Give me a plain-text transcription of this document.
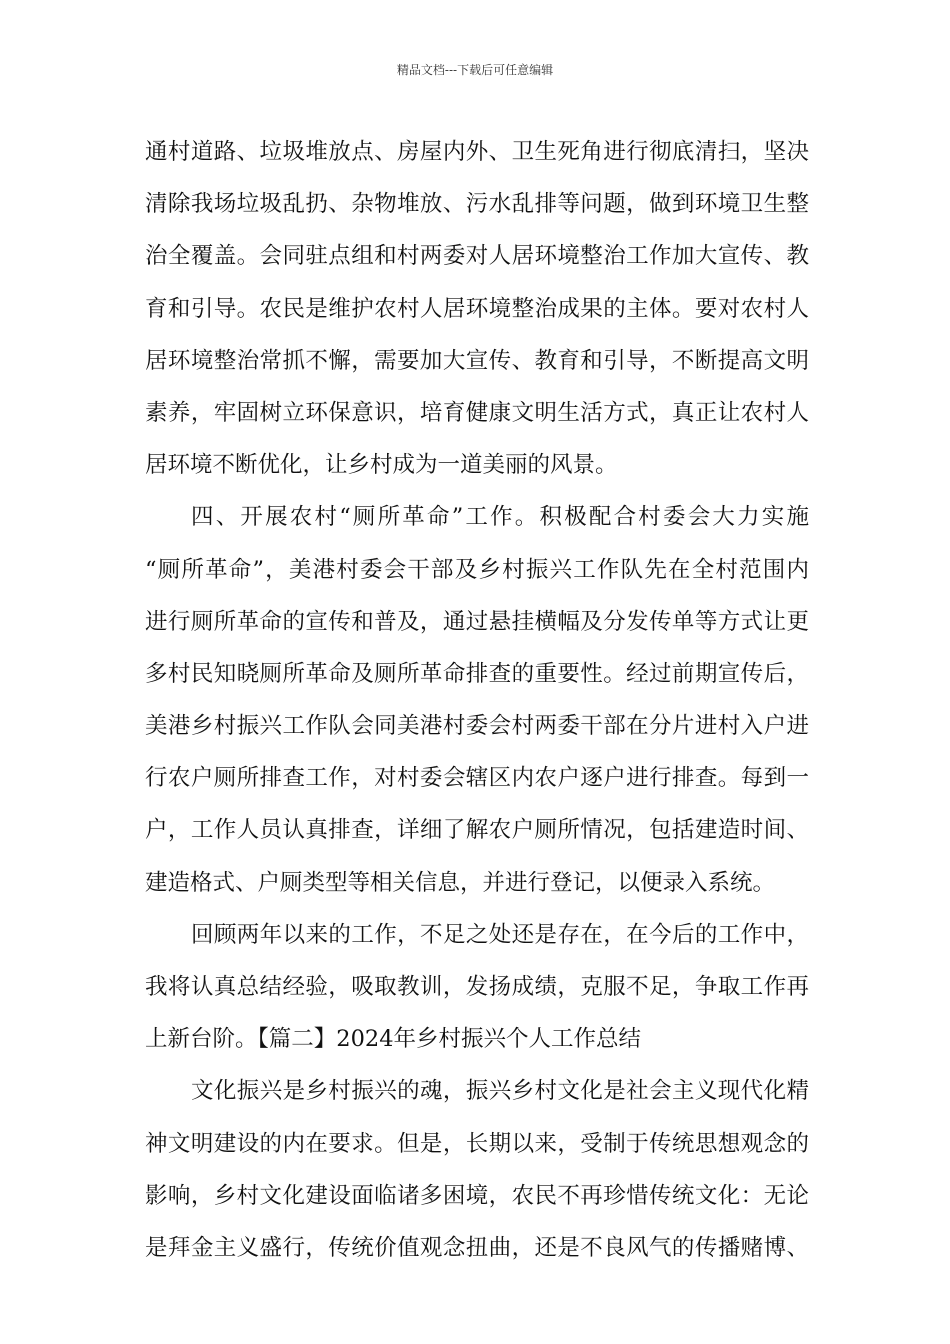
精品文档---下载后可任意编辑
通村道路、垃圾堆放点、房屋内外、卫生死角进行彻底清扫，坚决
清除我场垃圾乱扔、杂物堆放、污水乱排等问题，做到环境卫生整
治全覆盖。会同驻点组和村两委对人居环境整治工作加大宣传、教
育和引导。农民是维护农村人居环境整治成果的主体。要对农村人
居环境整治常抓不懈，需要加大宣传、教育和引导，不断提高文明
素养，牢固树立环保意识，培育健康文明生活方式，真正让农村人
居环境不断优化，让乡村成为一道美丽的风景。
四、开展农村“厕所革命”工作。积极配合村委会大力实施
“厕所革命”，美港村委会干部及乡村振兴工作队先在全村范围内
进行厕所革命的宣传和普及，通过悬挂横幅及分发传单等方式让更
多村民知晓厕所革命及厕所革命排查的重要性。经过前期宣传后，
美港乡村振兴工作队会同美港村委会村两委干部在分片进村入户进
行农户厕所排查工作，对村委会辖区内农户逐户进行排查。每到一
户，工作人员认真排查，详细了解农户厕所情况，包括建造时间、
建造格式、户厕类型等相关信息，并进行登记，以便录入系统。
回顾两年以来的工作，不足之处还是存在，在今后的工作中，
我将认真总结经验，吸取教训，发扬成绩，克服不足，争取工作再
上新台阶。【篇二】2024年乡村振兴个人工作总结
文化振兴是乡村振兴的魂，振兴乡村文化是社会主义现代化精
神文明建设的内在要求。但是，长期以来，受制于传统思想观念的
影响，乡村文化建设面临诸多困境，农民不再珍惜传统文化：无论
是拜金主义盛行，传统价值观念扭曲，还是不良风气的传播赌博、
